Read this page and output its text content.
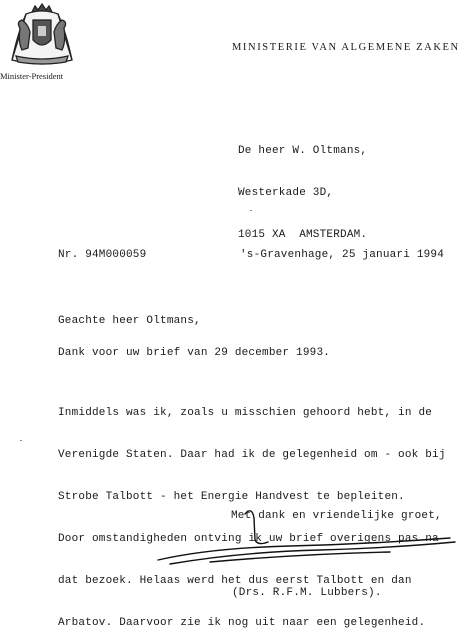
MINISTERIE VAN ALGEMENE ZAKEN
Minister-President

De heer W. Oltmans,

Westerkade 3D,

1015 XA  AMSTERDAM.

Nr. 94M000059	's-Gravenhage, 25 januari 1994
Geachte heer Oltmans,
Dank voor uw brief van 29 december 1993.

Inmiddels was ik, zoals u misschien gehoord hebt, in de

Verenigde Staten. Daar had ik de gelegenheid om - ook bij

Strobe Talbott - het Energie Handvest te bepleiten.

Door omstandigheden ontving ik uw brief overigens pas na

dat bezoek. Helaas werd het dus eerst Talbott en dan

Arbatov. Daarvoor zie ik nog uit naar een gelegenheid.

Met dank en vriendelijke groet,
(Drs. R.F.M. Lubbers).
